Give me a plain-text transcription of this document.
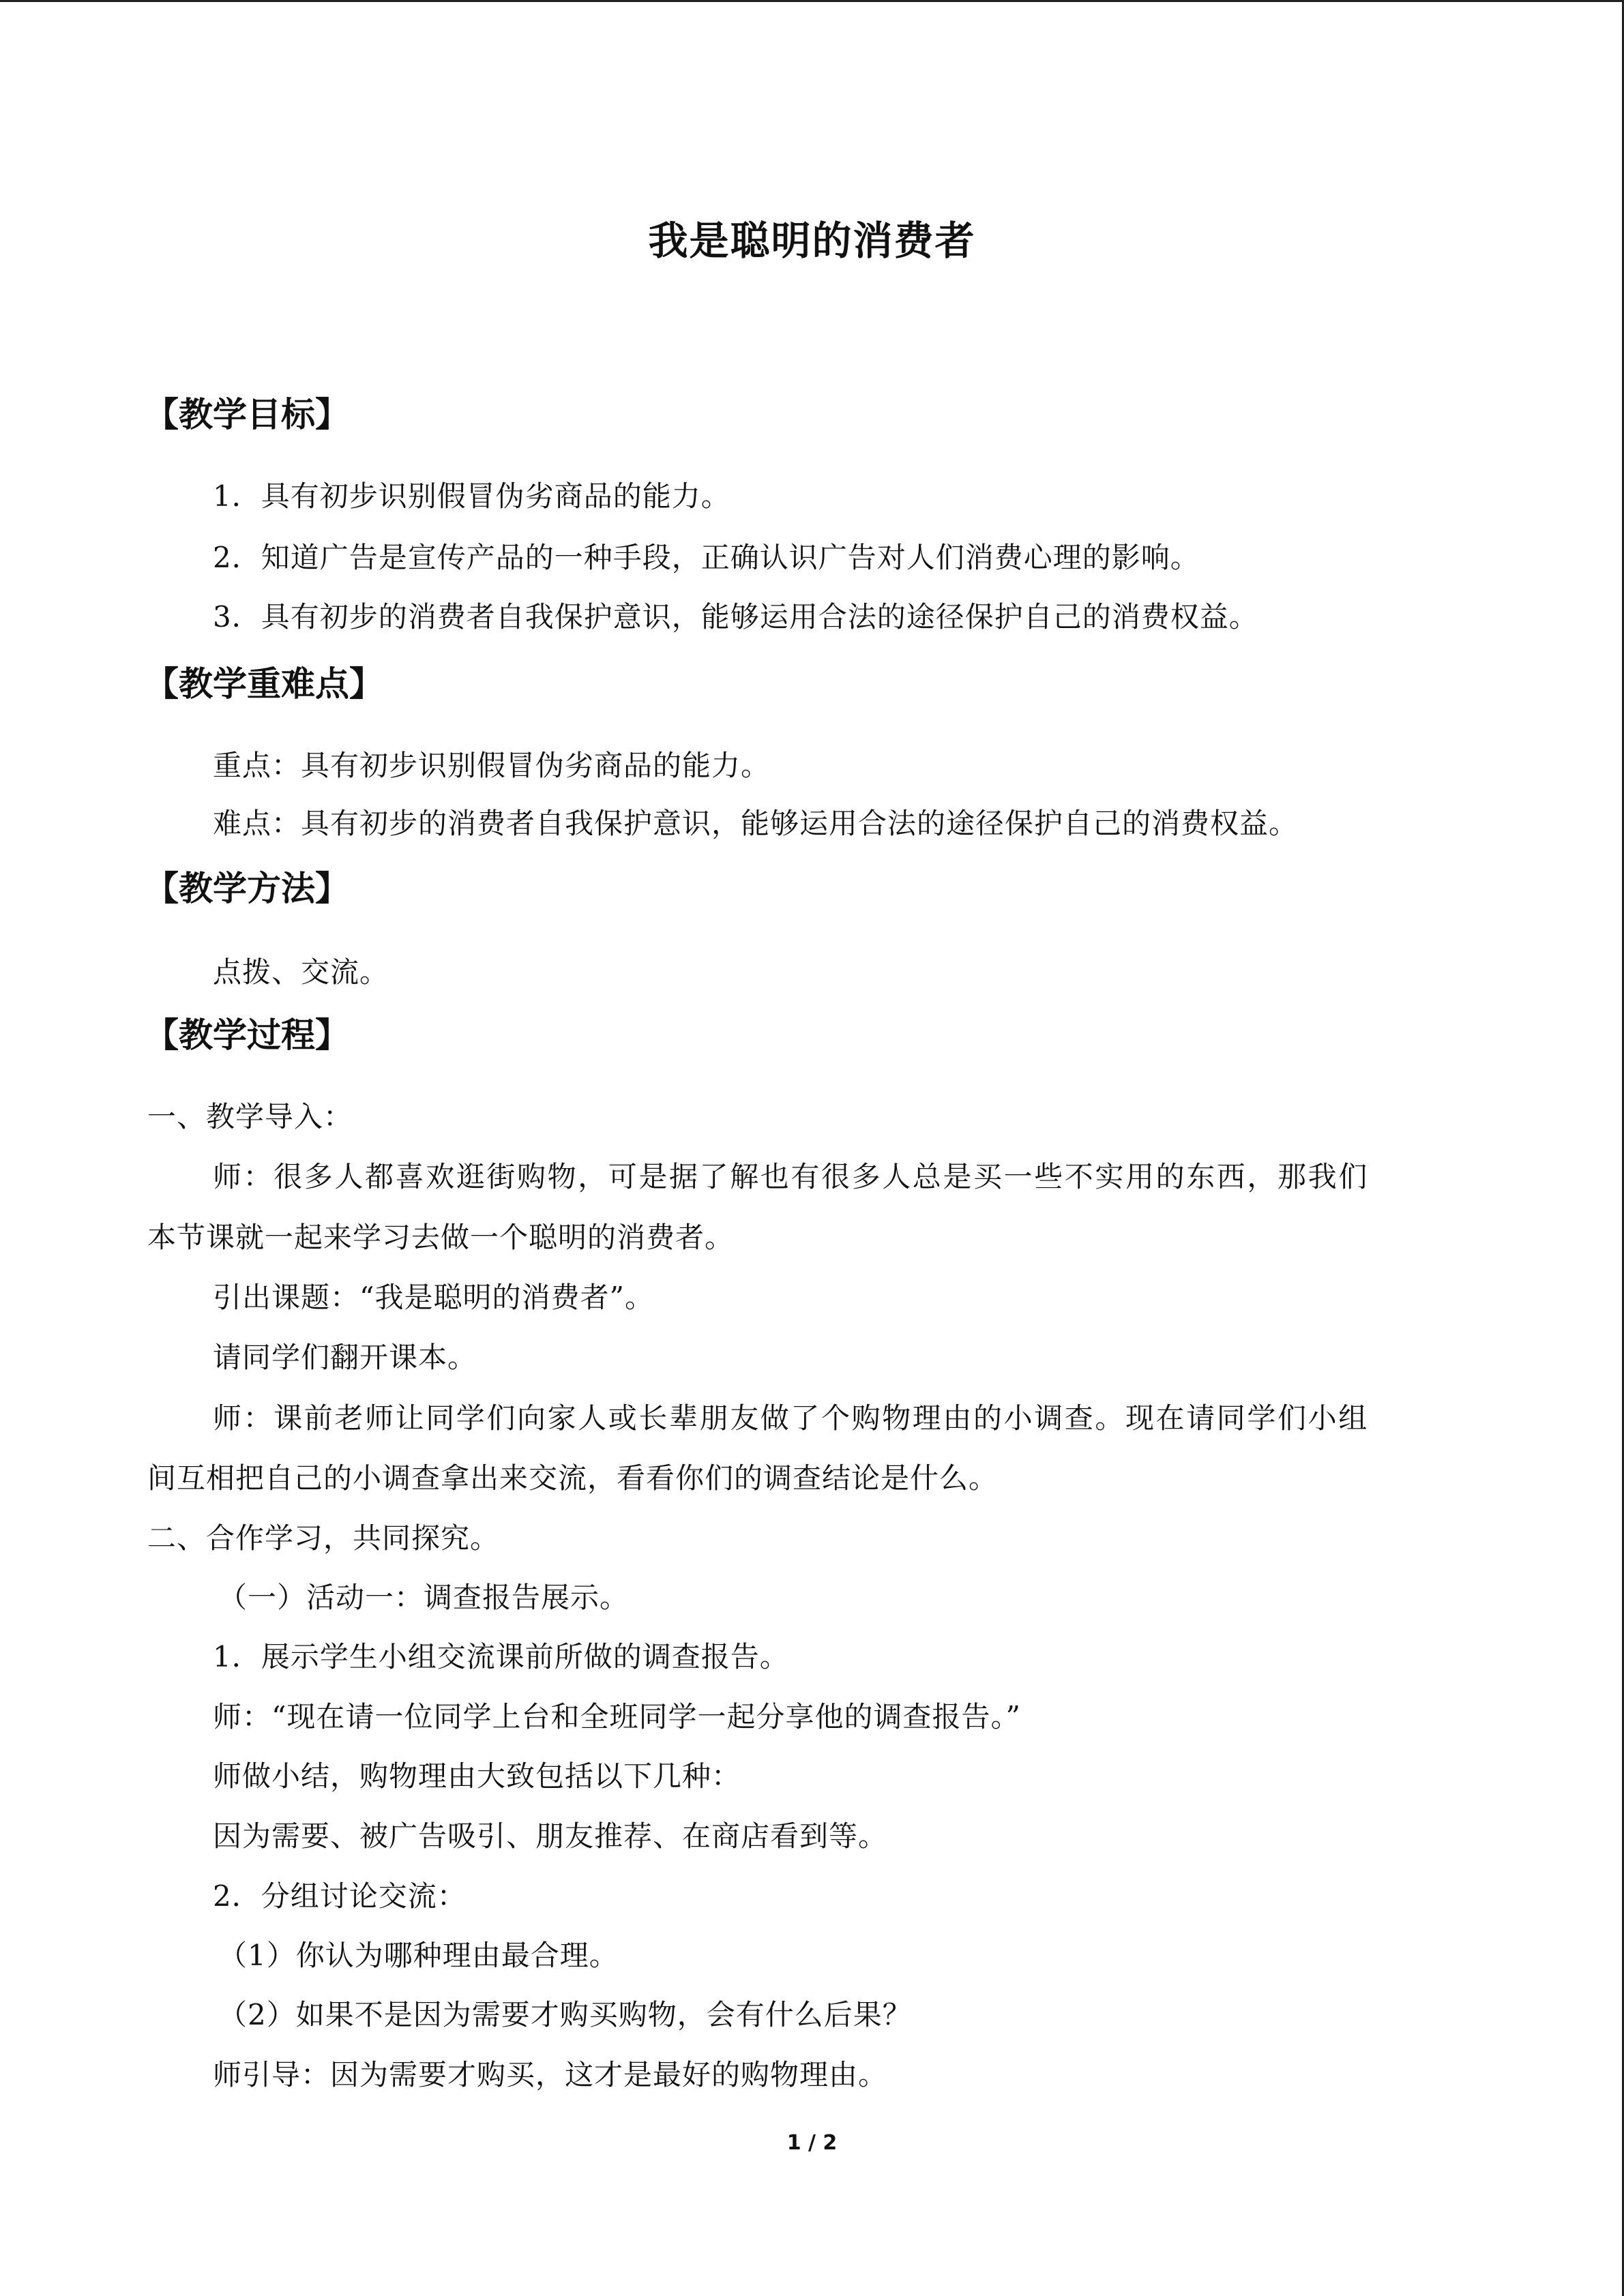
我是聪明的消费者
【教学目标】

1．具有初步识别假冒伪劣商品的能力。

2．知道广告是宣传产品的一种手段，正确认识广告对人们消费心理的影响。

3．具有初步的消费者自我保护意识，能够运用合法的途径保护自己的消费权益。

【教学重难点】

重点：具有初步识别假冒伪劣商品的能力。

难点：具有初步的消费者自我保护意识，能够运用合法的途径保护自己的消费权益。

【教学方法】

点拨、交流。

【教学过程】

一、教学导入：

师：很多人都喜欢逛街购物，可是据了解也有很多人总是买一些不实用的东西，那我们

本节课就一起来学习去做一个聪明的消费者。

引出课题：“我是聪明的消费者”。

请同学们翻开课本。

师：课前老师让同学们向家人或长辈朋友做了个购物理由的小调查。现在请同学们小组

间互相把自己的小调查拿出来交流，看看你们的调查结论是什么。

二、合作学习，共同探究。

（一）活动一：调查报告展示。

1．展示学生小组交流课前所做的调查报告。

师：“现在请一位同学上台和全班同学一起分享他的调查报告。”

师做小结，购物理由大致包括以下几种：

因为需要、被广告吸引、朋友推荐、在商店看到等。

2．分组讨论交流：

（1）你认为哪种理由最合理。

（2）如果不是因为需要才购买购物，会有什么后果？

师引导：因为需要才购买，这才是最好的购物理由。

1 / 2
